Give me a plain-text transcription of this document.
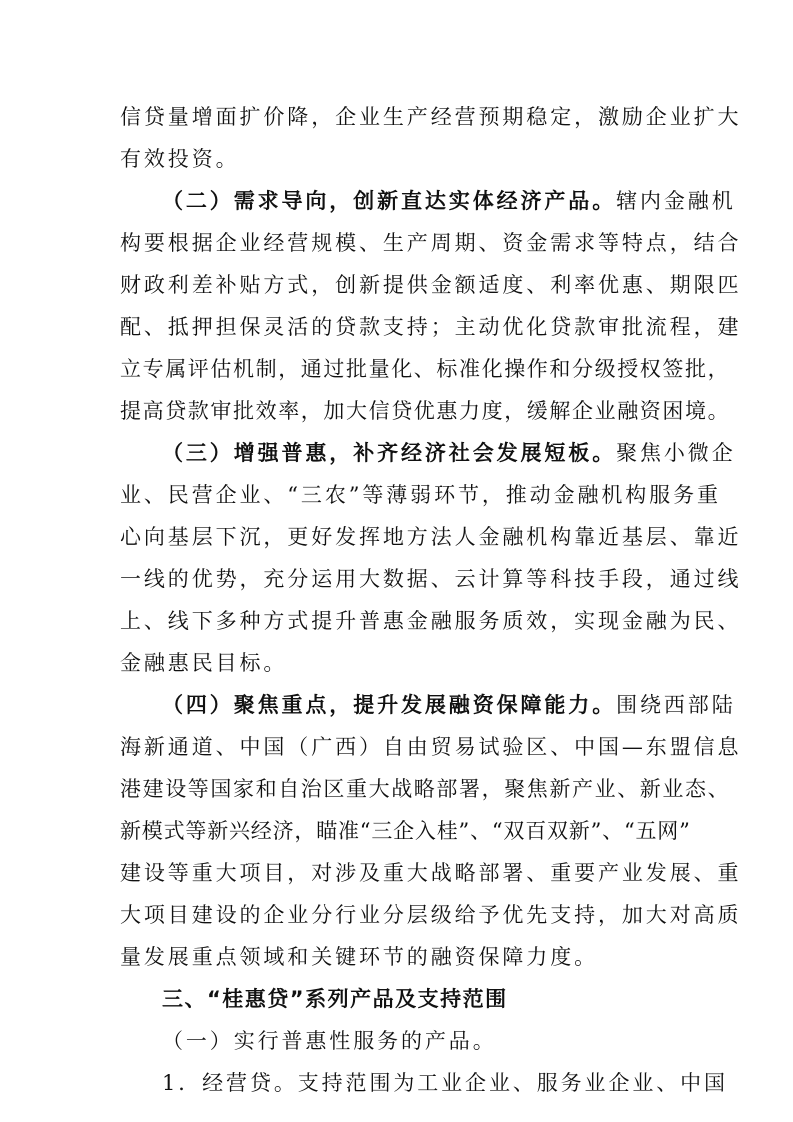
信贷量增面扩价降，企业生产经营预期稳定，激励企业扩大
有效投资。
（二）需求导向，创新直达实体经济产品。辖内金融机
构要根据企业经营规模、生产周期、资金需求等特点，结合
财政利差补贴方式，创新提供金额适度、利率优惠、期限匹
配、抵押担保灵活的贷款支持；主动优化贷款审批流程，建
立专属评估机制，通过批量化、标准化操作和分级授权签批，
提高贷款审批效率，加大信贷优惠力度，缓解企业融资困境。
（三）增强普惠，补齐经济社会发展短板。聚焦小微企
业、民营企业、“三农”等薄弱环节，推动金融机构服务重
心向基层下沉，更好发挥地方法人金融机构靠近基层、靠近
一线的优势，充分运用大数据、云计算等科技手段，通过线
上、线下多种方式提升普惠金融服务质效，实现金融为民、
金融惠民目标。
（四）聚焦重点，提升发展融资保障能力。围绕西部陆
海新通道、中国（广西）自由贸易试验区、中国—东盟信息
港建设等国家和自治区重大战略部署，聚焦新产业、新业态、
新模式等新兴经济，瞄准“三企入桂”、“双百双新”、“五网”
建设等重大项目，对涉及重大战略部署、重要产业发展、重
大项目建设的企业分行业分层级给予优先支持，加大对高质
量发展重点领域和关键环节的融资保障力度。
三、“桂惠贷”系列产品及支持范围
（一）实行普惠性服务的产品。
1．经营贷。支持范围为工业企业、服务业企业、中国
